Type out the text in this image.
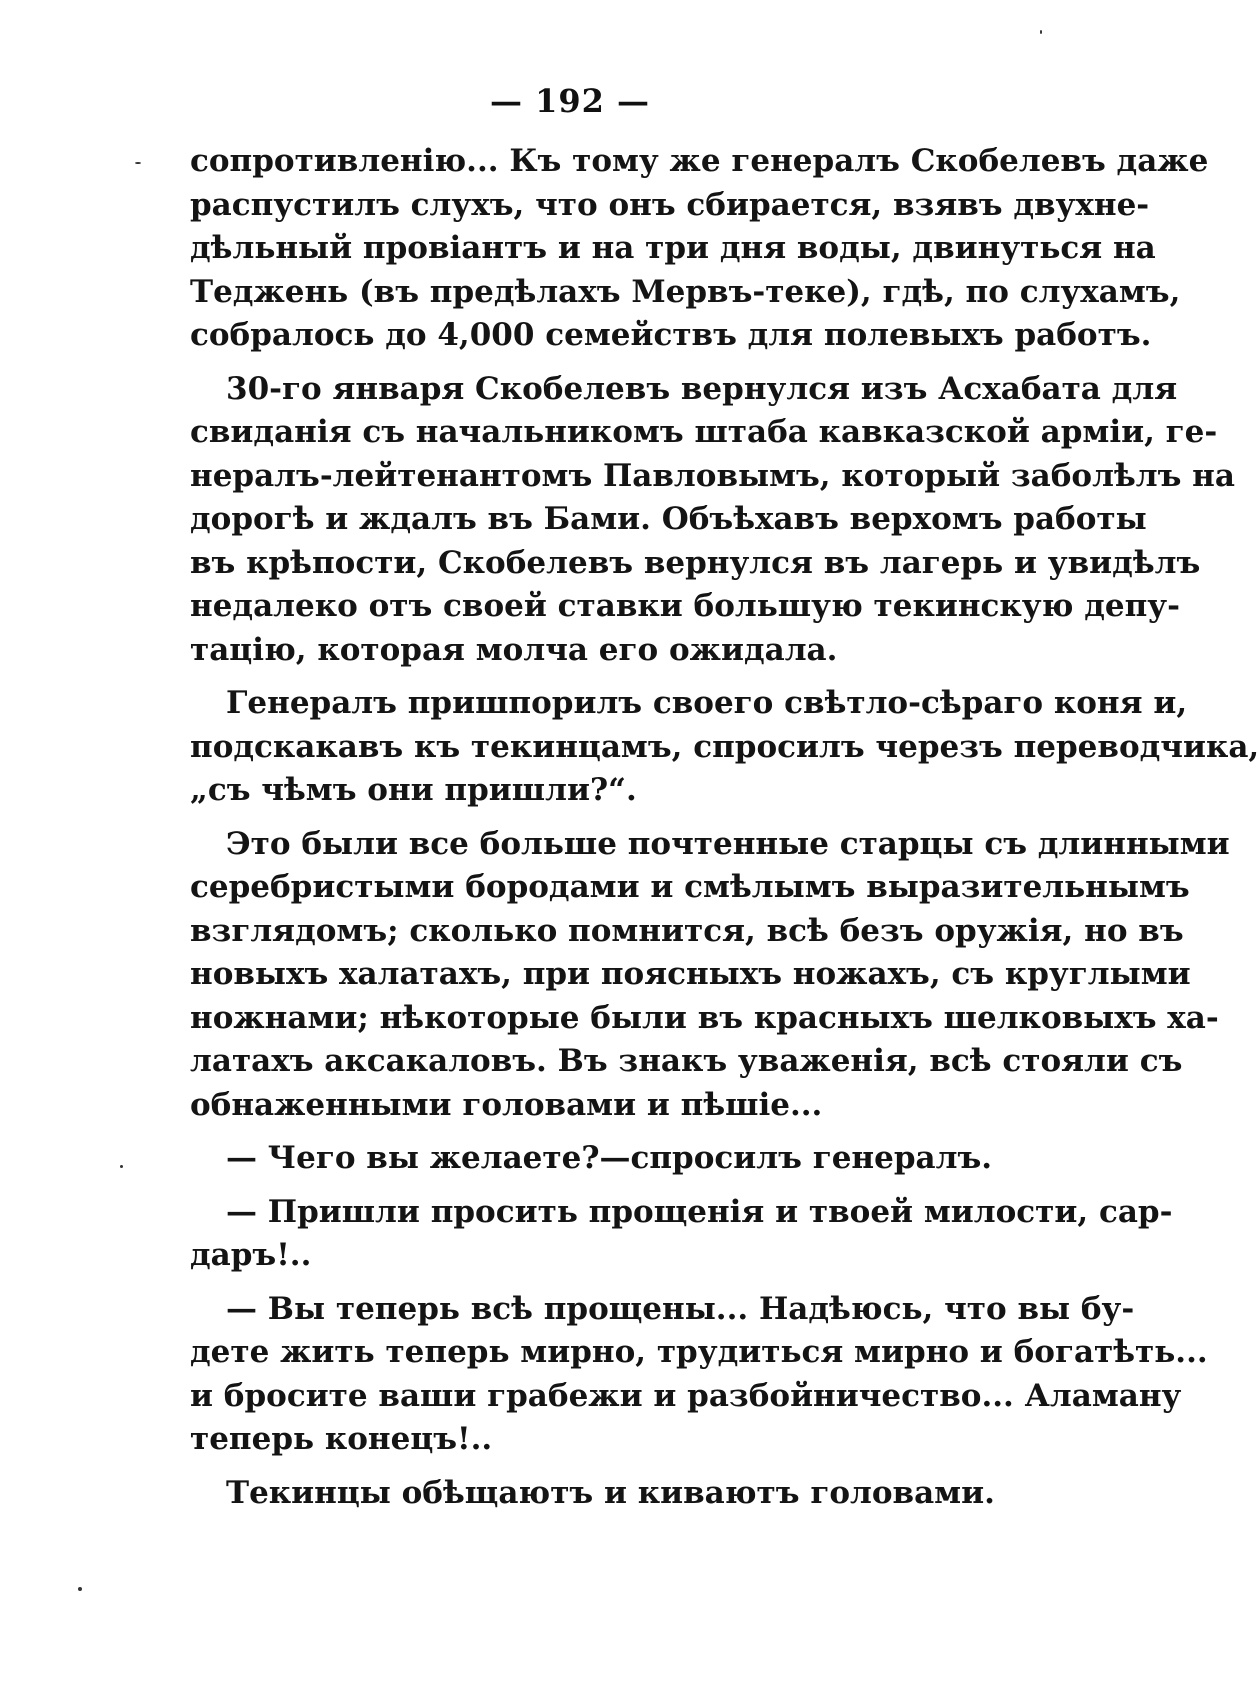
— 192 —
сопротивленію... Къ тому же генералъ Скобелевъ даже
распустилъ слухъ, что онъ сбирается, взявъ двухне-
дѣльный провіантъ и на три дня воды, двинуться на
Теджень (въ предѣлахъ Мервъ-теке), гдѣ, по слухамъ,
собралось до 4,000 семействъ для полевыхъ работъ.
30-го января Скобелевъ вернулся изъ Асхабата для
свиданія съ начальникомъ штаба кавказской арміи, ге-
нералъ-лейтенантомъ Павловымъ, который заболѣлъ на
дорогѣ и ждалъ въ Бами. Объѣхавъ верхомъ работы
въ крѣпости, Скобелевъ вернулся въ лагерь и увидѣлъ
недалеко отъ своей ставки большую текинскую депу-
тацію, которая молча его ожидала.
Генералъ пришпорилъ своего свѣтло-сѣраго коня и,
подскакавъ къ текинцамъ, спросилъ черезъ переводчика,
„съ чѣмъ они пришли?“.
Это были все больше почтенные старцы съ длинными
серебристыми бородами и смѣлымъ выразительнымъ
взглядомъ; сколько помнится, всѣ безъ оружія, но въ
новыхъ халатахъ, при поясныхъ ножахъ, съ круглыми
ножнами; нѣкоторые были въ красныхъ шелковыхъ ха-
латахъ аксакаловъ. Въ знакъ уваженія, всѣ стояли съ
обнаженными головами и пѣшіе...
— Чего вы желаете?—спросилъ генералъ.
— Пришли просить прощенія и твоей милости, сар-
даръ!..
— Вы теперь всѣ прощены... Надѣюсь, что вы бу-
дете жить теперь мирно, трудиться мирно и богатѣть...
и бросите ваши грабежи и разбойничество... Аламану
теперь конецъ!..
Текинцы обѣщаютъ и киваютъ головами.
